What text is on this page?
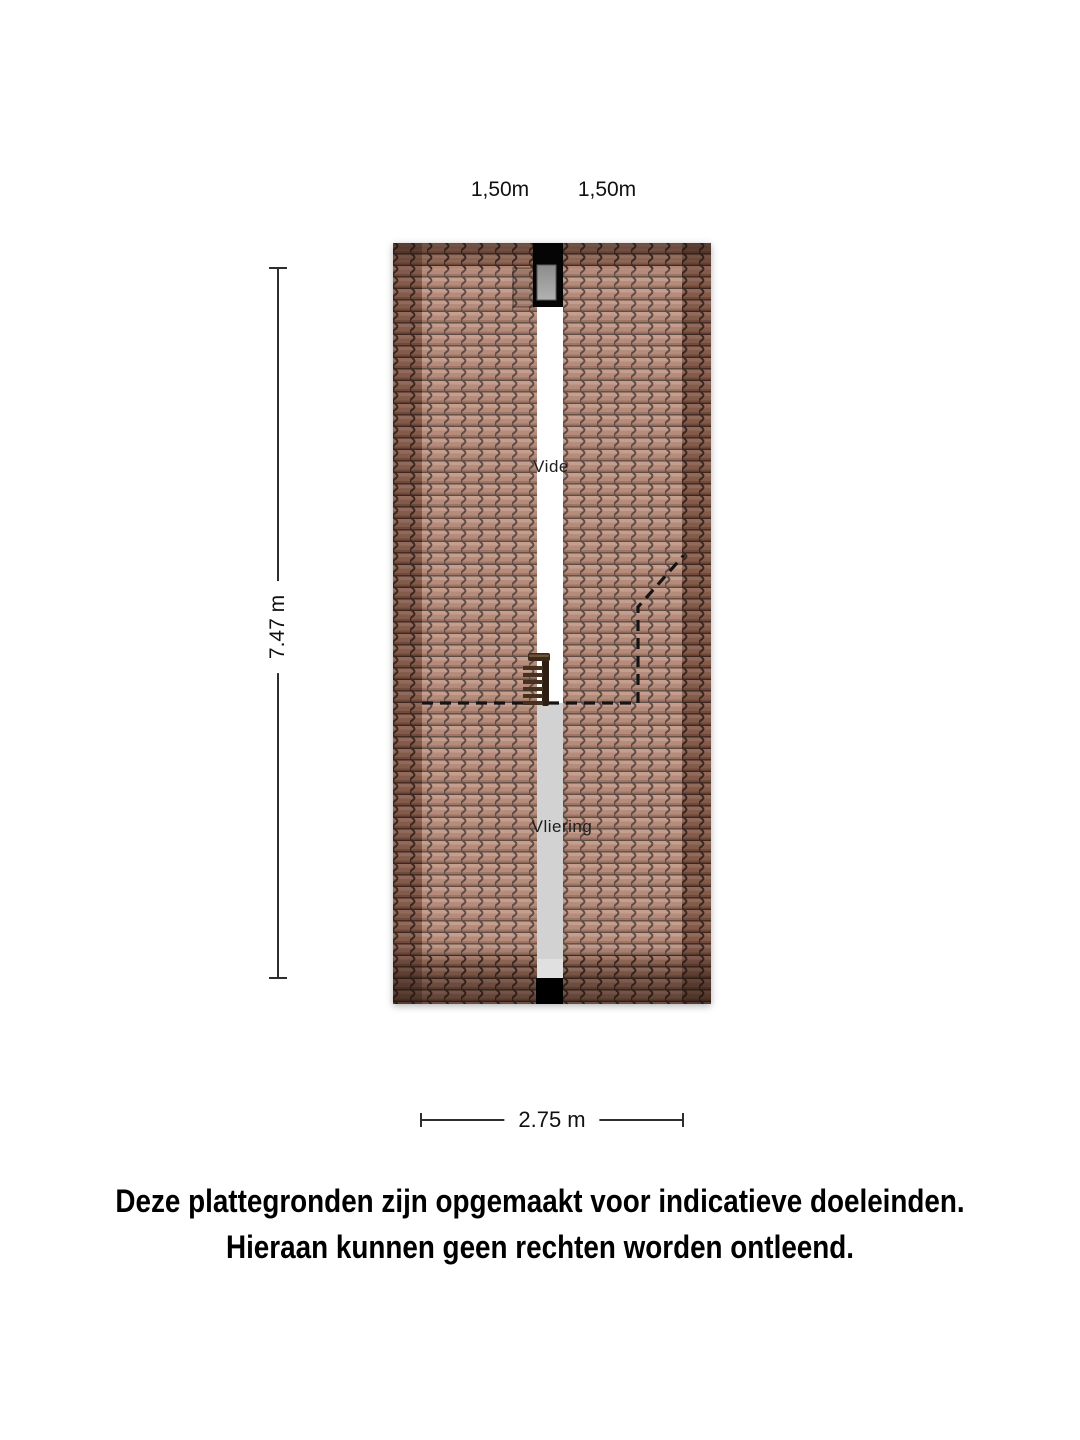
1,50m 1,50m
Vide
Vliering
7.47 m
2.75 m
Deze plattegronden zijn opgemaakt voor indicatieve doeleinden.
Hieraan kunnen geen rechten worden ontleend.
